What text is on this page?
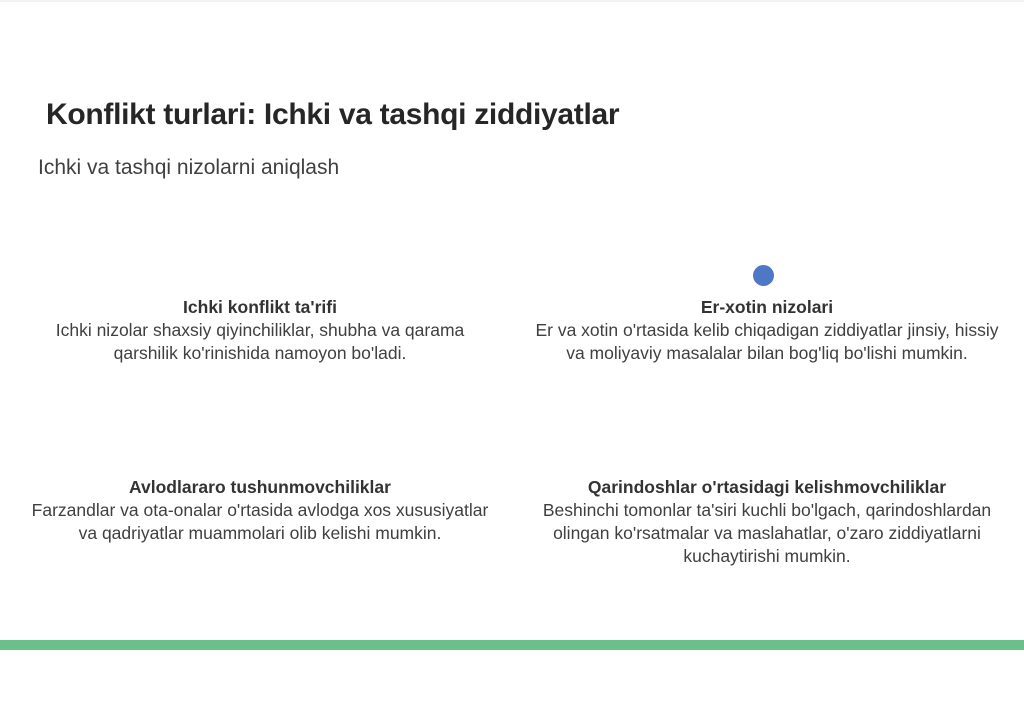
Konflikt turlari: Ichki va tashqi ziddiyatlar
Ichki va tashqi nizolarni aniqlash
Ichki konflikt ta'rifi
Ichki nizolar shaxsiy qiyinchiliklar, shubha va qarama qarshilik ko'rinishida namoyon bo'ladi.
Er-xotin nizolari
Er va xotin o'rtasida kelib chiqadigan ziddiyatlar jinsiy, hissiy va moliyaviy masalalar bilan bog'liq bo'lishi mumkin.
Avlodlararo tushunmovchiliklar
Farzandlar va ota-onalar o'rtasida avlodga xos xususiyatlar va qadriyatlar muammolari olib kelishi mumkin.
Qarindoshlar o'rtasidagi kelishmovchiliklar
Beshinchi tomonlar ta'siri kuchli bo'lgach, qarindoshlardan olingan ko'rsatmalar va maslahatlar, o'zaro ziddiyatlarni kuchaytirishi mumkin.
